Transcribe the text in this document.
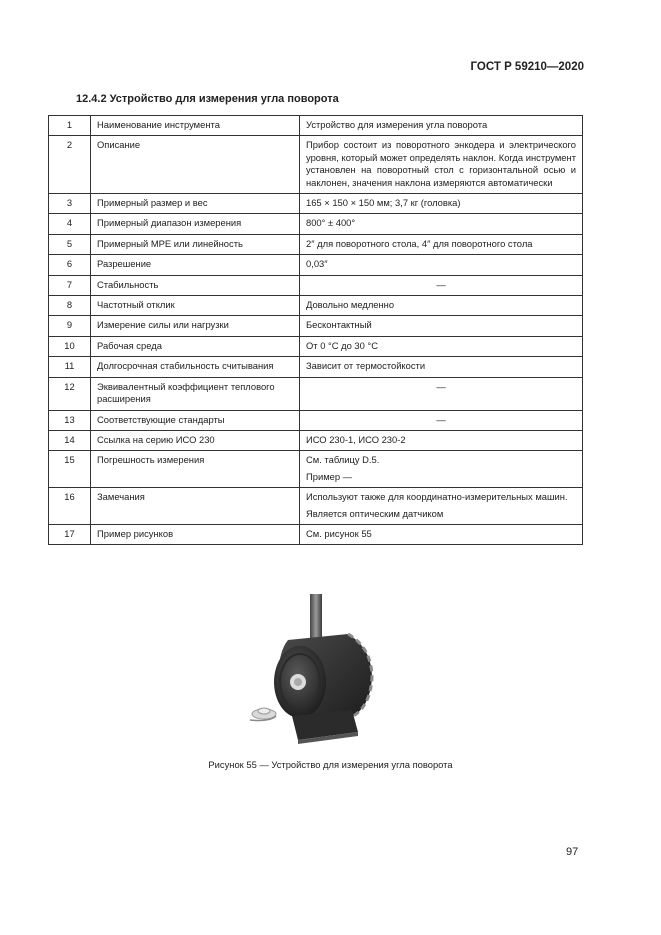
ГОСТ Р 59210—2020
12.4.2 Устройство для измерения угла поворота
1	Наименование инструмента	Устройство для измерения угла поворота
2	Описание	Прибор состоит из поворотного энкодера и электрического уровня, который может определять наклон. Когда инструмент установлен на поворотный стол с горизонтальной осью и наклонен, значения наклона измеряются автоматически
3	Примерный размер и вес	165 × 150 × 150 мм; 3,7 кг (головка)
4	Примерный диапазон измерения	800° ± 400°
5	Примерный MPE или линейность	2″ для поворотного стола, 4″ для поворотного стола
6	Разрешение	0,03″
7	Стабильность	—
8	Частотный отклик	Довольно медленно
9	Измерение силы или нагрузки	Бесконтактный
10	Рабочая среда	От 0 °C до 30 °C
11	Долгосрочная стабильность считывания	Зависит от термостойкости
12	Эквивалентный коэффициент теплового расширения	—
13	Соответствующие стандарты	—
14	Ссылка на серию ИСО 230	ИСО 230-1, ИСО 230-2
15	Погрешность измерения	См. таблицу D.5.

Пример —

16	Замечания	Используют также для координатно-измерительных машин.

Является оптическим датчиком

17	Пример рисунков	См. рисунок 55
Рисунок 55 — Устройство для измерения угла поворота
97
